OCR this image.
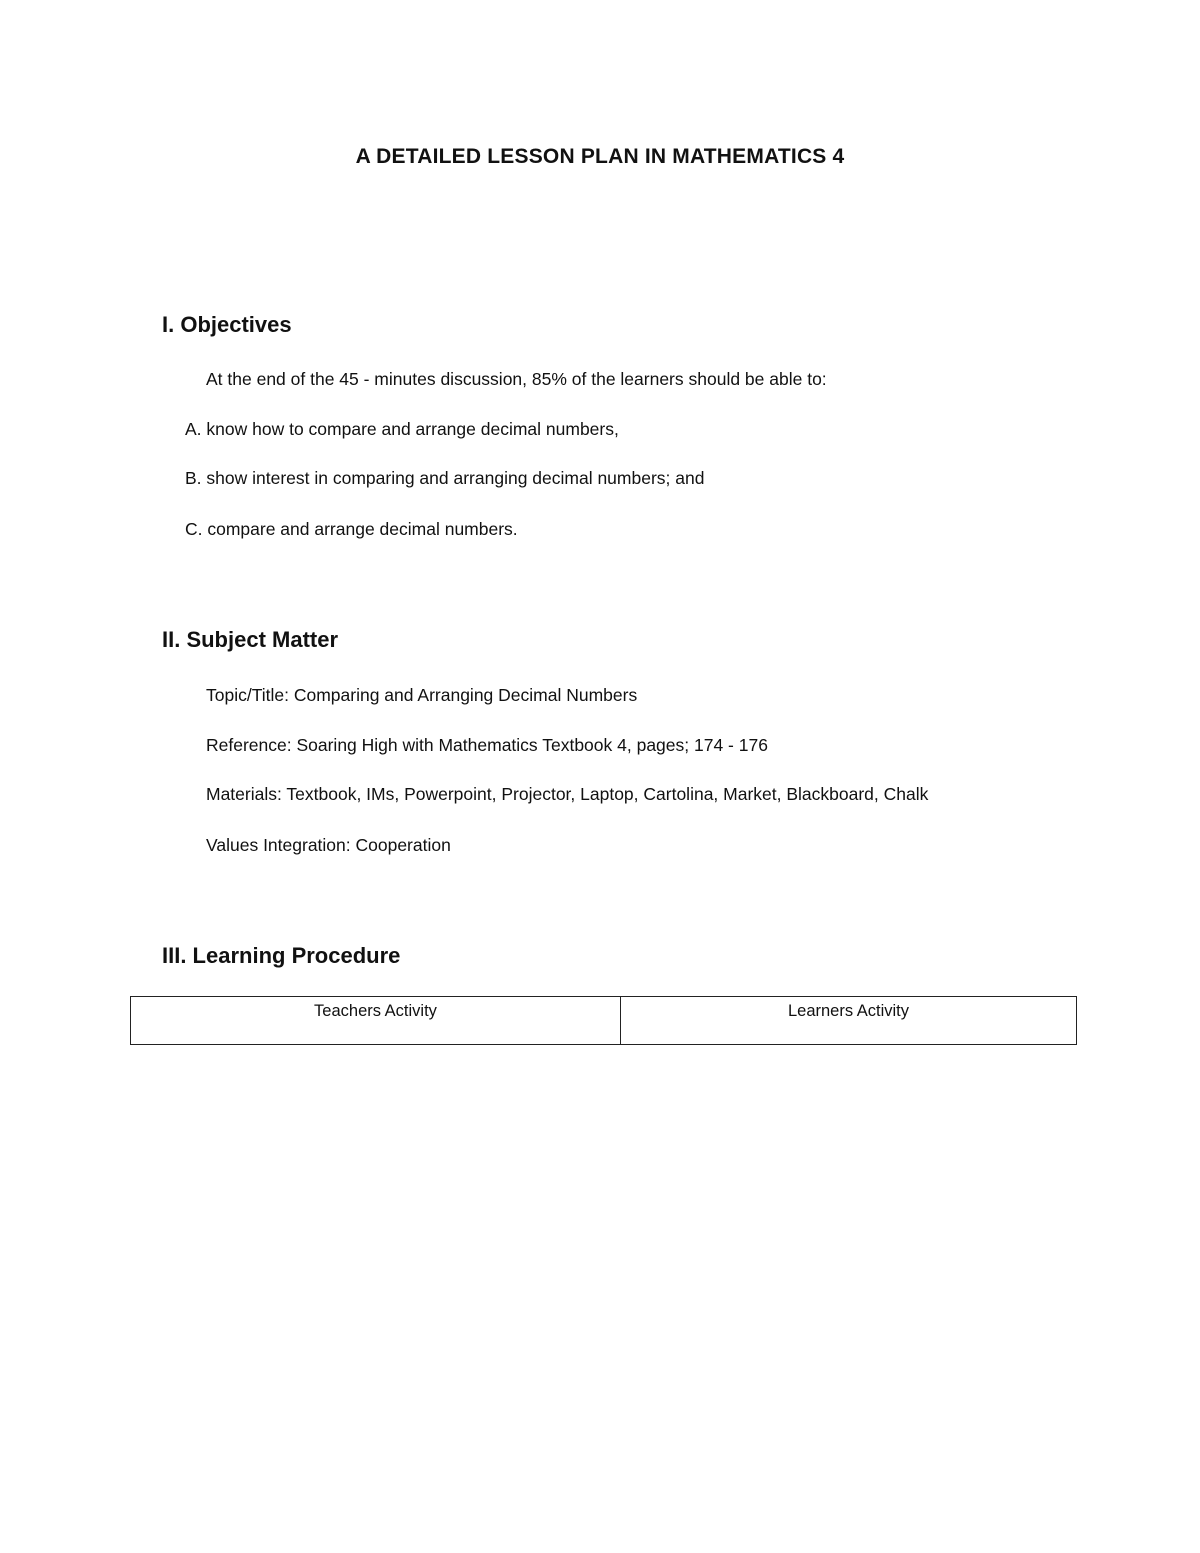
A DETAILED LESSON PLAN IN MATHEMATICS 4
I. Objectives
At the end of the 45 - minutes discussion, 85% of the learners should be able to:
A. know how to compare and arrange decimal numbers,
B. show interest in comparing and arranging decimal numbers; and
C. compare and arrange decimal numbers.
II. Subject Matter
Topic/Title: Comparing and Arranging Decimal Numbers
Reference: Soaring High with Mathematics Textbook 4, pages; 174 - 176
Materials: Textbook, IMs, Powerpoint, Projector, Laptop, Cartolina, Market, Blackboard, Chalk
Values Integration: Cooperation
III. Learning Procedure
Teachers Activity	Learners Activity
